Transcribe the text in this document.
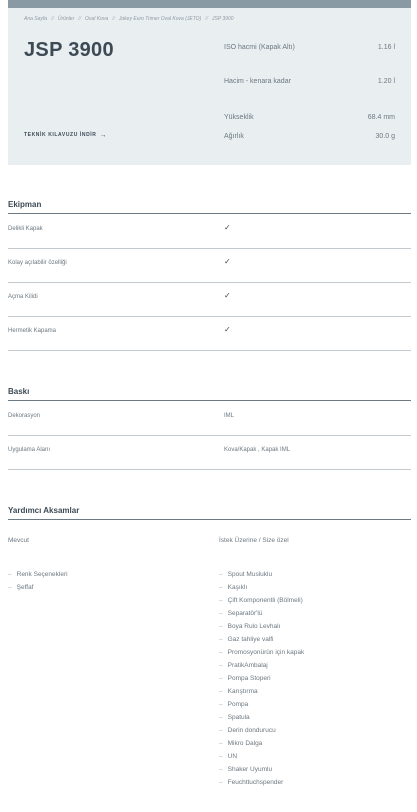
Ana Sayfa // Ürünler // Oval Kova // Jokey Euro Trimer Oval Kova (JETO) // JSP 3900
JSP 3900
TEKNİK KILAVUZU İNDİR →
ISO hacmi (Kapak Altı)	1.16 l
Hacim - kenara kadar	1.20 l
Yükseklik	68.4 mm
Ağırlık	30.0 g
Ekipman
Delikli Kapak	✓
Kolay açılabilir özelliği	✓
Açma Kilidi	✓
Hermetik Kapama	✓
Baskı
Dekorasyon	IML
Uygulama Alanı	Kova/Kapak , Kapak IML
Yardımcı Aksamlar
Mevcut	İstek Üzerine / Size özel
– Renk Seçenekleri
– Şeffaf
– Spout Musluklu
– Kaşıklı
– Çift Komponentli (Bölmeli)
– Separatör'lü
– Boya Rulo Levhalı
– Gaz tahliye valfi
– Promosyonürün için kapak
– PratikAmbalaj
– Pompa Stoperi
– Karıştırma
– Pompa
– Spatula
– Derin dondurucu
– Mikro Dalga
– UN
– Shaker Uyumlu
– Feuchttuchspender
